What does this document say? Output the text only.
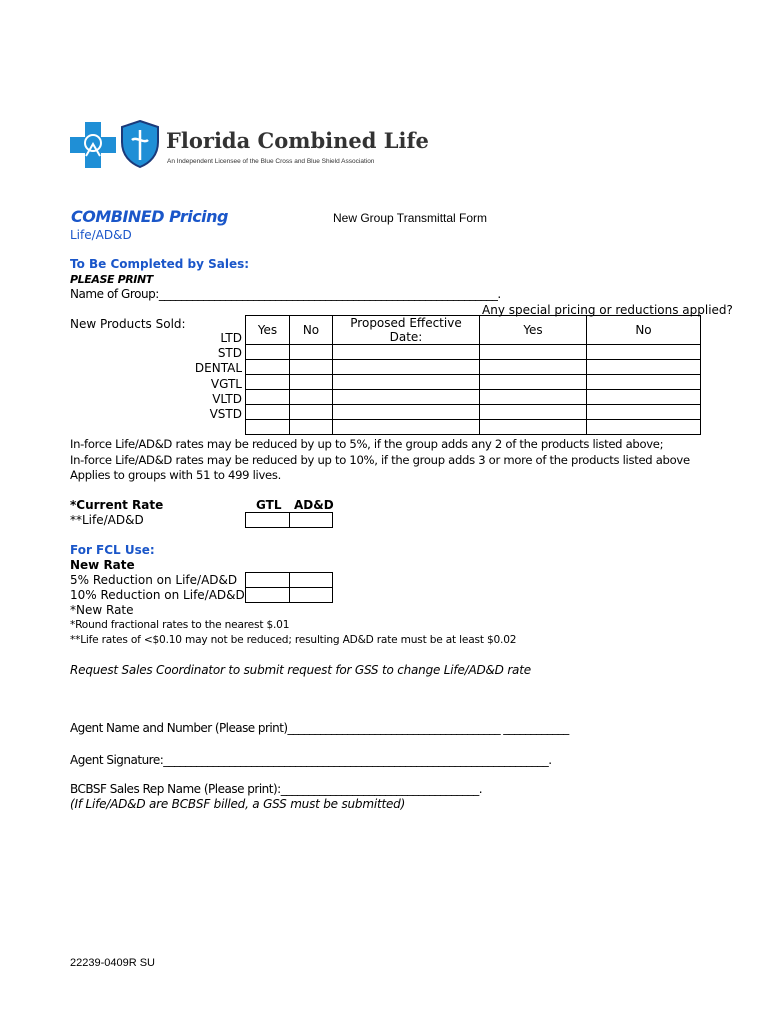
Florida Combined Life
An Independent Licensee of the Blue Cross and Blue Shield Association
COMBINED Pricing
Life/AD&D
New Group Transmittal Form
To Be Completed by Sales:
PLEASE PRINT
Name of Group:_____________________________________________________________.
Any special pricing or reductions applied?
New Products Sold:
LTD
STD
DENTAL
VGTL
VLTD
VSTD
Yes	No	Proposed Effective Date:	Yes	No

In-force Life/AD&D rates may be reduced by up to 5%, if the group adds any 2 of the products listed above;
In-force Life/AD&D rates may be reduced by up to 10%, if the group adds 3 or more of the products listed above
Applies to groups with 51 to 499 lives.
*Current Rate
**Life/AD&D
GTL AD&D

For FCL Use:
New Rate
5% Reduction on Life/AD&D
10% Reduction on Life/AD&D
*New Rate

*Round fractional rates to the nearest $.01
**Life rates of <$0.10 may not be reduced; resulting AD&D rate must be at least $0.02
Request Sales Coordinator to submit request for GSS to change Life/AD&D rate
Agent Name and Number (Please print)_______________________________________ ____________
Agent Signature:______________________________________________________________________.
BCBSF Sales Rep Name (Please print):____________________________________.
(If Life/AD&D are BCBSF billed, a GSS must be submitted)
22239-0409R SU
